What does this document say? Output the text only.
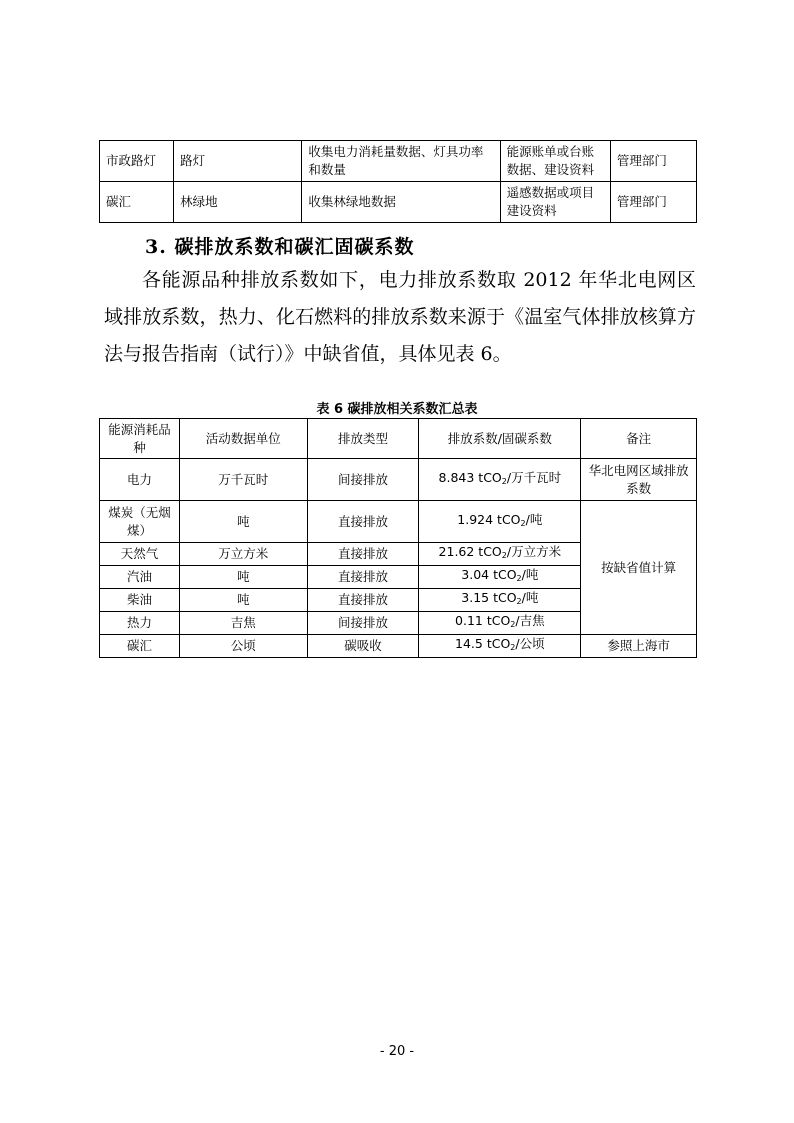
市政路灯	路灯	收集电力消耗量数据、灯具功率和数量	能源账单或台账数据、建设资料	管理部门
碳汇	林绿地	收集林绿地数据	遥感数据或项目建设资料	管理部门
3. 碳排放系数和碳汇固碳系数
各能源品种排放系数如下，电力排放系数取 2012 年华北电网区域排放系数，热力、化石燃料的排放系数来源于《温室气体排放核算方法与报告指南（试行）》中缺省值，具体见表 6。
表 6 碳排放相关系数汇总表
能源消耗品种	活动数据单位	排放类型	排放系数/固碳系数	备注
电力	万千瓦时	间接排放	8.843 tCO$_2$/万千瓦时	华北电网区域排放系数
煤炭（无烟煤）	吨	直接排放	1.924 tCO$_2$/吨	按缺省值计算
天然气	万立方米	直接排放	21.62 tCO$_2$/万立方米	
汽油	吨	直接排放	3.04 tCO$_2$/吨	
柴油	吨	直接排放	3.15 tCO$_2$/吨	
热力	吉焦	间接排放	0.11 tCO$_2$/吉焦	
碳汇	公顷	碳吸收	14.5 tCO$_2$/公顷	参照上海市
- 20 -
